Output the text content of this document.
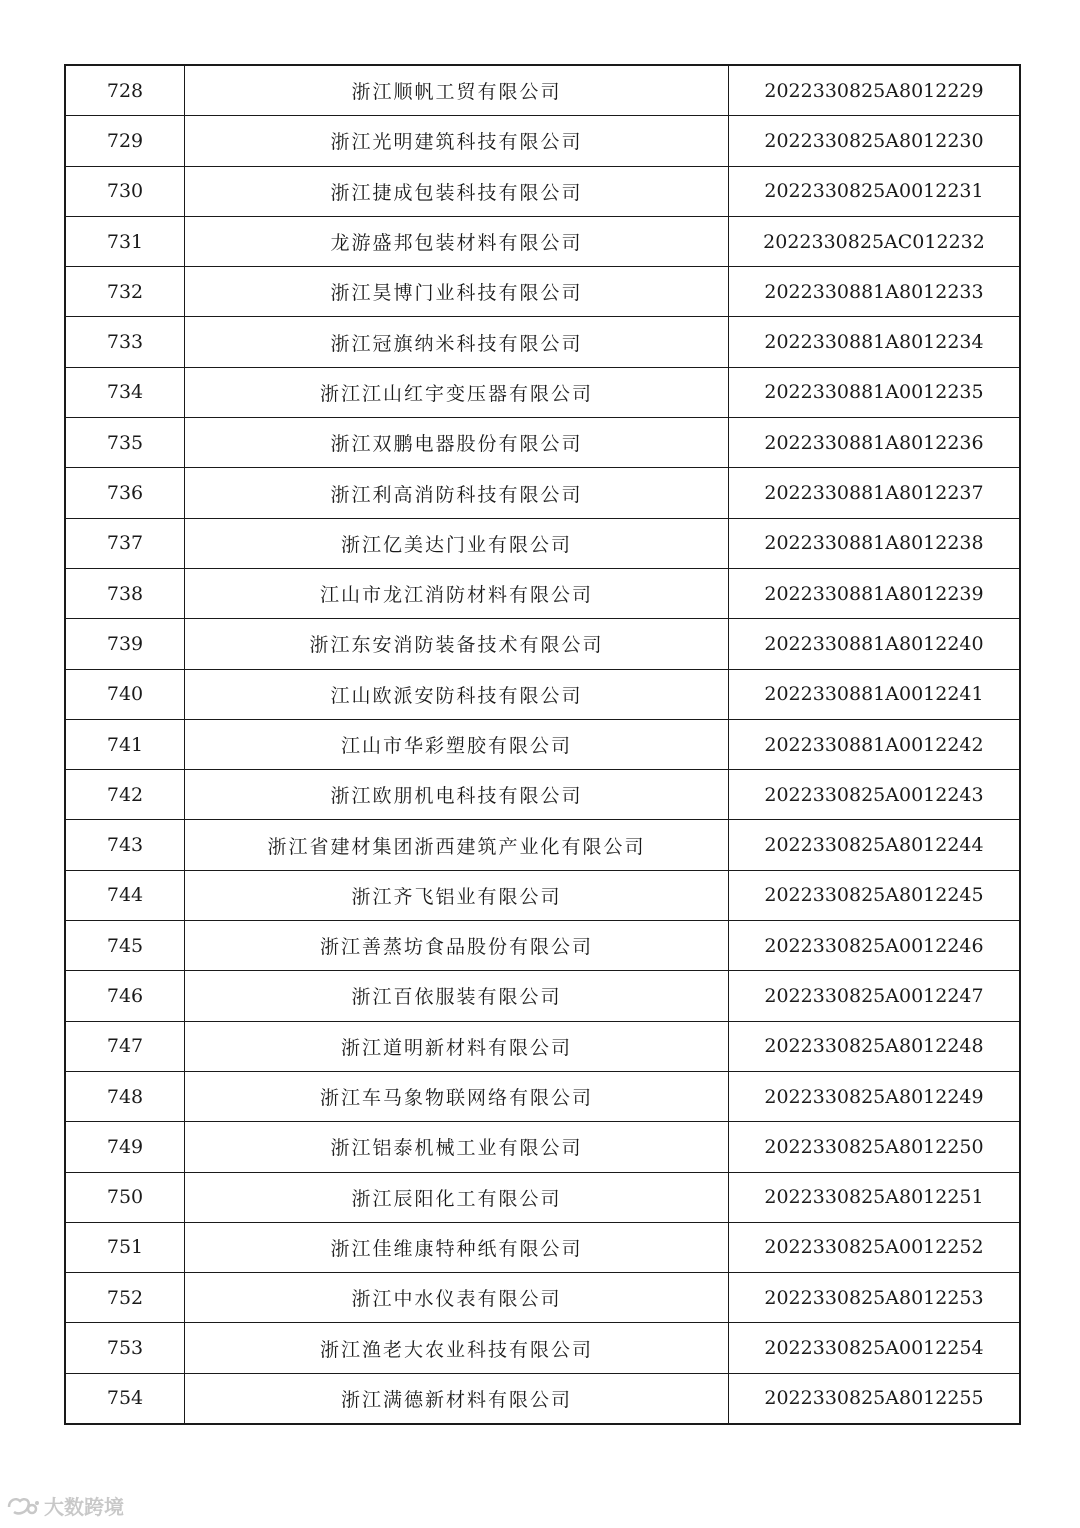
728	浙江顺帆工贸有限公司	2022330825A8012229
729	浙江光明建筑科技有限公司	2022330825A8012230
730	浙江捷成包装科技有限公司	2022330825A0012231
731	龙游盛邦包装材料有限公司	2022330825AC012232
732	浙江昊博门业科技有限公司	2022330881A8012233
733	浙江冠旗纳米科技有限公司	2022330881A8012234
734	浙江江山红宇变压器有限公司	2022330881A0012235
735	浙江双鹏电器股份有限公司	2022330881A8012236
736	浙江利高消防科技有限公司	2022330881A8012237
737	浙江亿美达门业有限公司	2022330881A8012238
738	江山市龙江消防材料有限公司	2022330881A8012239
739	浙江东安消防装备技术有限公司	2022330881A8012240
740	江山欧派安防科技有限公司	2022330881A0012241
741	江山市华彩塑胶有限公司	2022330881A0012242
742	浙江欧朋机电科技有限公司	2022330825A0012243
743	浙江省建材集团浙西建筑产业化有限公司	2022330825A8012244
744	浙江齐飞铝业有限公司	2022330825A8012245
745	浙江善蒸坊食品股份有限公司	2022330825A0012246
746	浙江百依服装有限公司	2022330825A0012247
747	浙江道明新材料有限公司	2022330825A8012248
748	浙江车马象物联网络有限公司	2022330825A8012249
749	浙江铝泰机械工业有限公司	2022330825A8012250
750	浙江辰阳化工有限公司	2022330825A8012251
751	浙江佳维康特种纸有限公司	2022330825A0012252
752	浙江中水仪表有限公司	2022330825A8012253
753	浙江渔老大农业科技有限公司	2022330825A0012254
754	浙江满德新材料有限公司	2022330825A8012255
大数跨境
